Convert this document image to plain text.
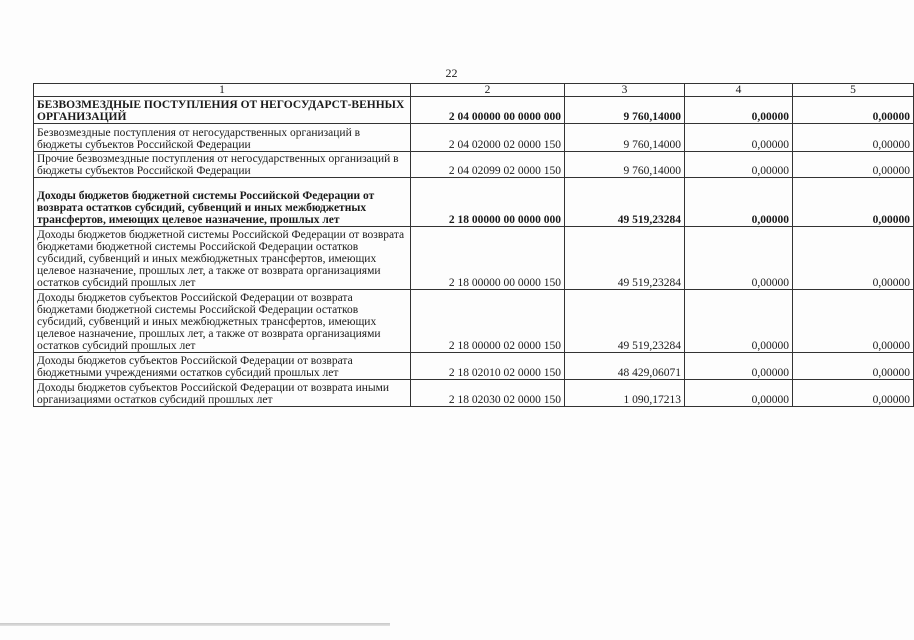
22
1	2	3	4	5
БЕЗВОЗМЕЗДНЫЕ ПОСТУПЛЕНИЯ ОТ НЕГОСУДАРСТ-ВЕННЫХ ОРГАНИЗАЦИЙ	2 04 00000 00 0000 000	9 760,14000	0,00000	0,00000
Безвозмездные поступления от негосударственных организаций в бюджеты субъектов Российской Федерации	2 04 02000 02 0000 150	9 760,14000	0,00000	0,00000
Прочие безвозмездные поступления от негосударственных организаций в бюджеты субъектов Российской Федерации	2 04 02099 02 0000 150	9 760,14000	0,00000	0,00000
Доходы бюджетов бюджетной системы Российской Федерации от возврата остатков субсидий, субвенций и иных межбюджетных трансфертов, имеющих целевое назначение, прошлых лет	2 18 00000 00 0000 000	49 519,23284	0,00000	0,00000
Доходы бюджетов бюджетной системы Российской Федерации от возврата бюджетами бюджетной системы Российской Федерации остатков субсидий, субвенций и иных межбюджетных трансфертов, имеющих целевое назначение, прошлых лет, а также от возврата организациями остатков субсидий прошлых лет	2 18 00000 00 0000 150	49 519,23284	0,00000	0,00000
Доходы бюджетов субъектов Российской Федерации от возврата бюджетами бюджетной системы Российской Федерации остатков субсидий, субвенций и иных межбюджетных трансфертов, имеющих целевое назначение, прошлых лет, а также от возврата организациями остатков субсидий прошлых лет	2 18 00000 02 0000 150	49 519,23284	0,00000	0,00000
Доходы бюджетов субъектов Российской Федерации от возврата бюджетными учреждениями остатков субсидий прошлых лет	2 18 02010 02 0000 150	48 429,06071	0,00000	0,00000
Доходы бюджетов субъектов Российской Федерации от возврата иными организациями остатков субсидий прошлых лет	2 18 02030 02 0000 150	1 090,17213	0,00000	0,00000
